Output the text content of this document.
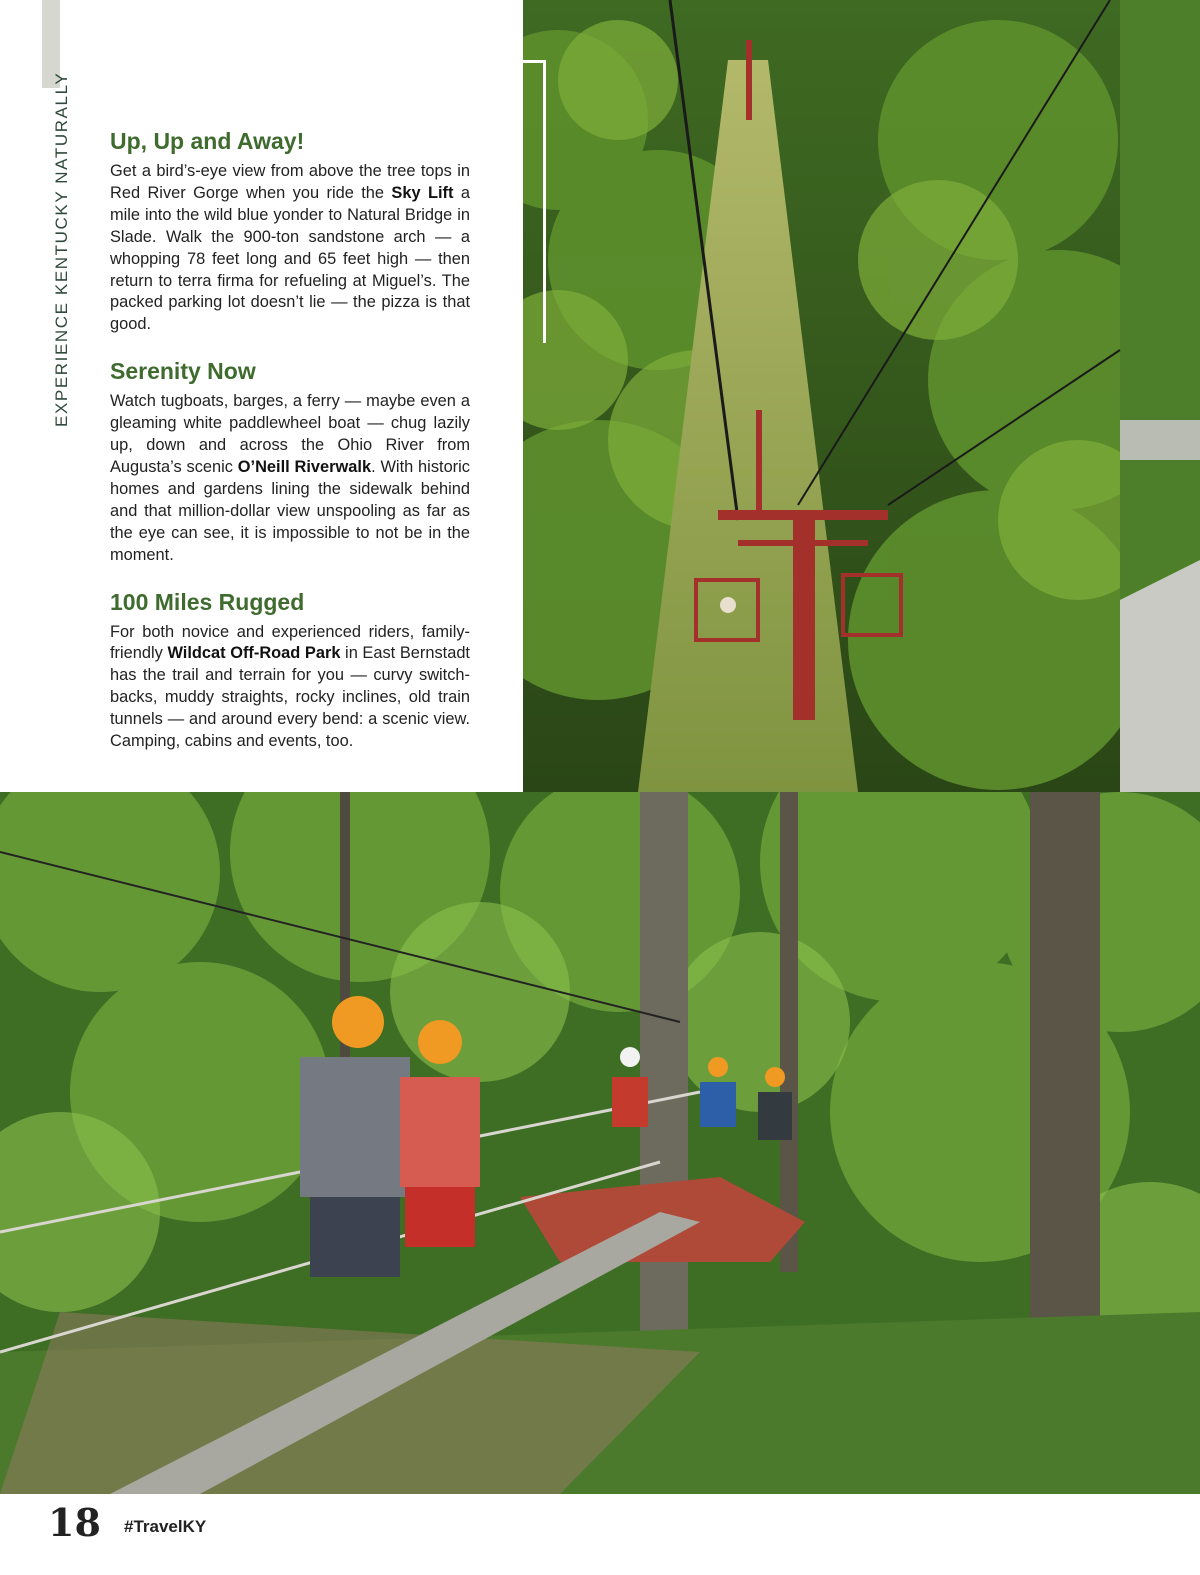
EXPERIENCE KENTUCKY NATURALLY Up, Up and Away!

Get a bird’s-eye view from above the tree tops in Red River Gorge when you ride the Sky Lift a mile into the wild blue yonder to Natural Bridge in Slade. Walk the 900-ton sandstone arch — a whopping 78 feet long and 65 feet high — then return to terra firma for refueling at Miguel’s. The packed parking lot doesn’t lie — the pizza is that good.

Serenity Now

Watch tugboats, barges, a ferry — maybe even a gleaming white paddlewheel boat — chug lazily up, down and across the Ohio River from Augusta’s scenic O’Neill Riverwalk. With historic homes and gardens lining the sidewalk behind and that million-dollar view unspooling as far as the eye can see, it is impossible to not be in the moment.

100 Miles Rugged

For both novice and experienced riders, family-friendly Wildcat Off-Road Park in East Bernstadt has the trail and terrain for you — curvy switch-backs, muddy straights, rocky inclines, old train tunnels — and around every bend: a scenic view. Camping, cabins and events, too.

18 #TravelKY
